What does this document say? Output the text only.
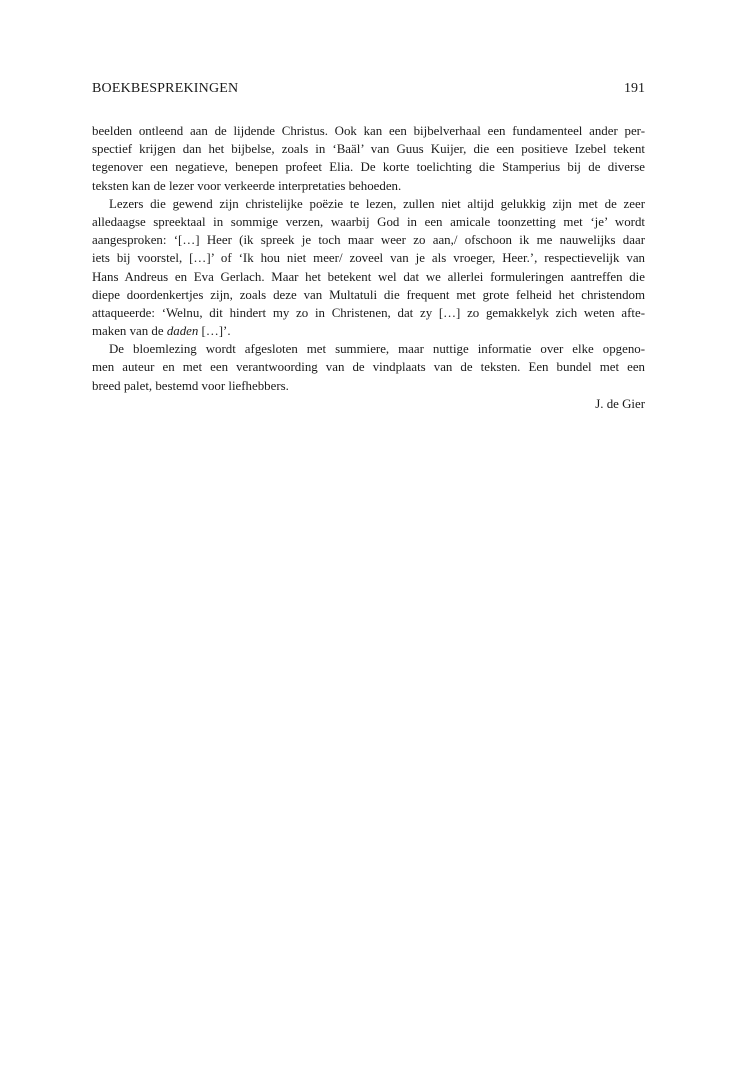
BOEKBESPREKINGEN	191
beelden ontleend aan de lijdende Christus. Ook kan een bijbelverhaal een fundamenteel ander per-
spectief krijgen dan het bijbelse, zoals in ‘Baäl’ van Guus Kuijer, die een positieve Izebel tekent
tegenover een negatieve, benepen profeet Elia. De korte toelichting die Stamperius bij de diverse
teksten kan de lezer voor verkeerde interpretaties behoeden.
Lezers die gewend zijn christelijke poëzie te lezen, zullen niet altijd gelukkig zijn met de zeer
alledaagse spreektaal in sommige verzen, waarbij God in een amicale toonzetting met ‘je’ wordt
aangesproken: ‘[…] Heer (ik spreek je toch maar weer zo aan,/ ofschoon ik me nauwelijks daar
iets bij voorstel, […]’ of ‘Ik hou niet meer/ zoveel van je als vroeger, Heer.’, respectievelijk van
Hans Andreus en Eva Gerlach. Maar het betekent wel dat we allerlei formuleringen aantreffen die
diepe doordenkertjes zijn, zoals deze van Multatuli die frequent met grote felheid het christendom
attaqueerde: ‘Welnu, dit hindert my zo in Christenen, dat zy […] zo gemakkelyk zich weten afte-
maken van de daden […]’.
De bloemlezing wordt afgesloten met summiere, maar nuttige informatie over elke opgeno-
men auteur en met een verantwoording van de vindplaats van de teksten. Een bundel met een
breed palet, bestemd voor liefhebbers.
J. de Gier
